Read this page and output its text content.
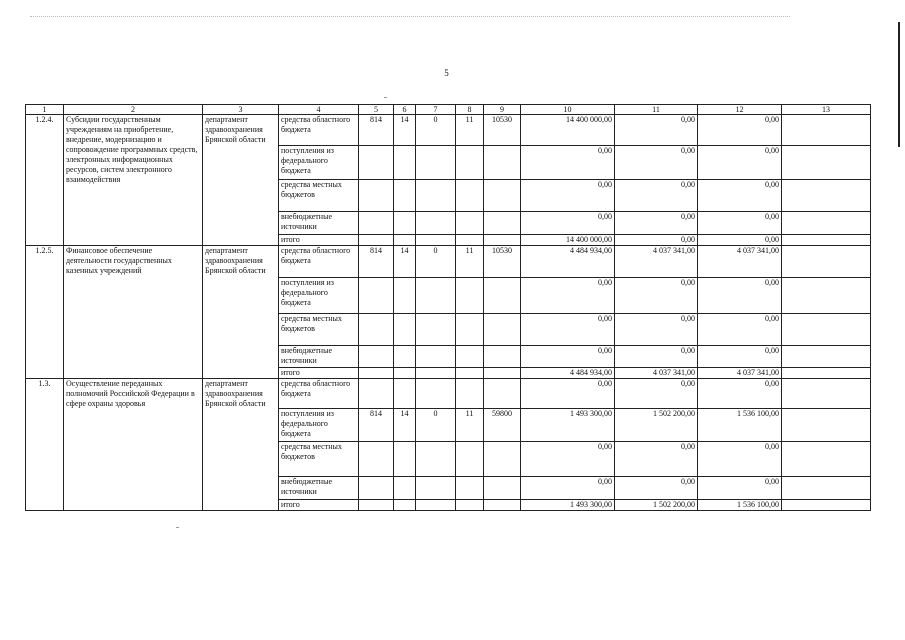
5
1	2	3	4	5	6	7	8	9	10	11	12	13
1.2.4.	Субсидии государственным учреждениям на приобретение, внедрение, модернизацию и сопровождение программных средств, электронных информационных ресурсов, систем электронного взаимодействия	департамент здравоохранения Брянской области	средства областного бюджета	814	14	0	11	10530	14 400 000,00	0,00	0,00	
			поступления из федерального бюджета						0,00	0,00	0,00	
			средства местных бюджетов						0,00	0,00	0,00	
			внебюджетные источники						0,00	0,00	0,00	
			итого						14 400 000,00	0,00	0,00	
1.2.5.	Финансовое обеспечение деятельности государственных казенных учреждений	департамент здравоохранения Брянской области	средства областного бюджета	814	14	0	11	10530	4 484 934,00	4 037 341,00	4 037 341,00	
			поступления из федерального бюджета						0,00	0,00	0,00	
			средства местных бюджетов						0,00	0,00	0,00	
			внебюджетные источники						0,00	0,00	0,00	
			итого						4 484 934,00	4 037 341,00	4 037 341,00	
1.3.	Осуществление переданных полномочий Российской Федерации в сфере охраны здоровья	департамент здравоохранения Брянской области	средства областного бюджета						0,00	0,00	0,00	
			поступления из федерального бюджета	814	14	0	11	59800	1 493 300,00	1 502 200,00	1 536 100,00	
			средства местных бюджетов						0,00	0,00	0,00	
			внебюджетные источники						0,00	0,00	0,00	
			итого						1 493 300,00	1 502 200,00	1 536 100,00	
